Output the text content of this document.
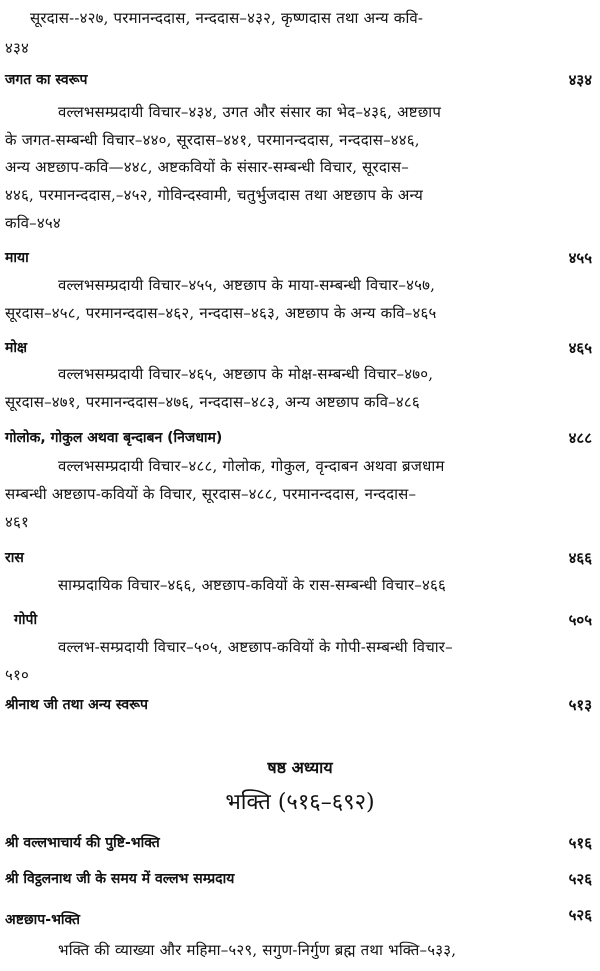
सूरदास--४२७, परमानन्ददास, नन्ददास–४३२, कृष्णदास तथा अन्य कवि-
४३४
जगत का स्वरूप	४३४
वल्लभसम्प्रदायी विचार–४३४, उगत और संसार का भेद–४३६, अष्टछाप
के जगत-सम्बन्धी विचार–४४०, सूरदास–४४१, परमानन्ददास, नन्ददास–४४६,
अन्य अष्टछाप-कवि—४४८, अष्टकवियों के संसार-सम्बन्धी विचार, सूरदास–
४४६, परमानन्ददास,–४५२, गोविन्दस्वामी, चतुर्भुजदास तथा अष्टछाप के अन्य
कवि–४५४
माया	४५५
वल्लभसम्प्रदायी विचार–४५५, अष्टछाप के माया-सम्बन्धी विचार–४५७,
सूरदास–४५८, परमानन्ददास–४६२, नन्ददास–४६३, अष्टछाप के अन्य कवि–४६५
मोक्ष	४६५
वल्लभसम्प्रदायी विचार–४६५, अष्टछाप के मोक्ष-सम्बन्धी विचार–४७०,
सूरदास–४७१, परमानन्ददास–४७६, नन्ददास–४८३, अन्य अष्टछाप कवि–४८६
गोलोक, गोकुल अथवा बृन्दाबन (निजधाम)	४८८
वल्लभसम्प्रदायी विचार–४८८, गोलोक, गोकुल, वृन्दाबन अथवा ब्रजधाम
सम्बन्धी अष्टछाप-कवियों के विचार, सूरदास–४८८, परमानन्ददास, नन्ददास–
४६१
रास	४६६
साम्प्रदायिक विचार–४६६, अष्टछाप-कवियों के रास-सम्बन्धी विचार–४६६
गोपी	५०५
वल्लभ-सम्प्रदायी विचार–५०५, अष्टछाप-कवियों के गोपी-सम्बन्धी विचार–
५१०
श्रीनाथ जी तथा अन्य स्वरूप	५१३
षष्ठ अध्याय
भक्ति (५१६–६९२)
श्री वल्लभाचार्य की पुष्टि-भक्ति	५१६
श्री विट्ठलनाथ जी के समय में वल्लभ सम्प्रदाय	५२६
अष्टछाप-भक्ति	५२६
भक्ति की व्याख्या और महिमा–५२९, सगुण-निर्गुण ब्रह्म तथा भक्ति–५३३,
